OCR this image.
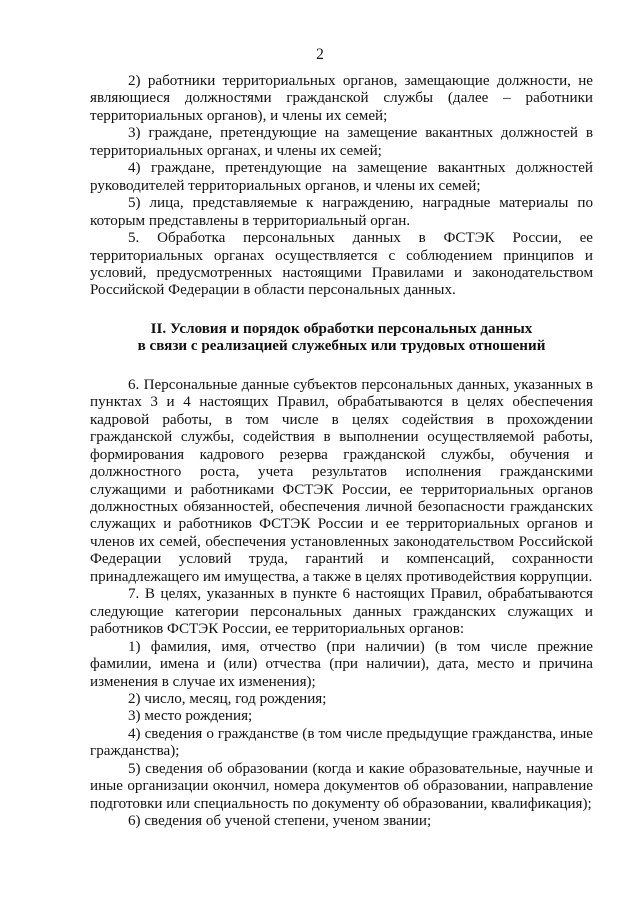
2

2) работники территориальных органов, замещающие должности, не являющиеся должностями гражданской службы (далее – работники территориальных органов), и члены их семей;

3) граждане, претендующие на замещение вакантных должностей в территориальных органах, и члены их семей;

4) граждане, претендующие на замещение вакантных должностей руководителей территориальных органов, и члены их семей;

5) лица, представляемые к награждению, наградные материалы по которым представлены в территориальный орган.

5. Обработка персональных данных в ФСТЭК России, ее территориальных органах осуществляется с соблюдением принципов и условий, предусмотренных настоящими Правилами и законодательством Российской Федерации в области персональных данных.

II. Условия и порядок обработки персональных данных

в связи с реализацией служебных или трудовых отношений

6. Персональные данные субъектов персональных данных, указанных в пунктах 3 и 4 настоящих Правил, обрабатываются в целях обеспечения кадровой работы, в том числе в целях содействия в прохождении гражданской службы, содействия в выполнении осуществляемой работы, формирования кадрового резерва гражданской службы, обучения и должностного роста, учета результатов исполнения гражданскими служащими и работниками ФСТЭК России, ее территориальных органов должностных обязанностей, обеспечения личной безопасности гражданских служащих и работников ФСТЭК России и ее территориальных органов и членов их семей, обеспечения установленных законодательством Российской Федерации условий труда, гарантий и компенсаций, сохранности принадлежащего им имущества, а также в целях противодействия коррупции.

7. В целях, указанных в пункте 6 настоящих Правил, обрабатываются следующие категории персональных данных гражданских служащих и работников ФСТЭК России, ее территориальных органов:

1) фамилия, имя, отчество (при наличии) (в том числе прежние фамилии, имена и (или) отчества (при наличии), дата, место и причина изменения в случае их изменения);

2) число, месяц, год рождения;

3) место рождения;

4) сведения о гражданстве (в том числе предыдущие гражданства, иные гражданства);

5) сведения об образовании (когда и какие образовательные, научные и иные организации окончил, номера документов об образовании, направление подготовки или специальность по документу об образовании, квалификация);

6) сведения об ученой степени, ученом звании;
